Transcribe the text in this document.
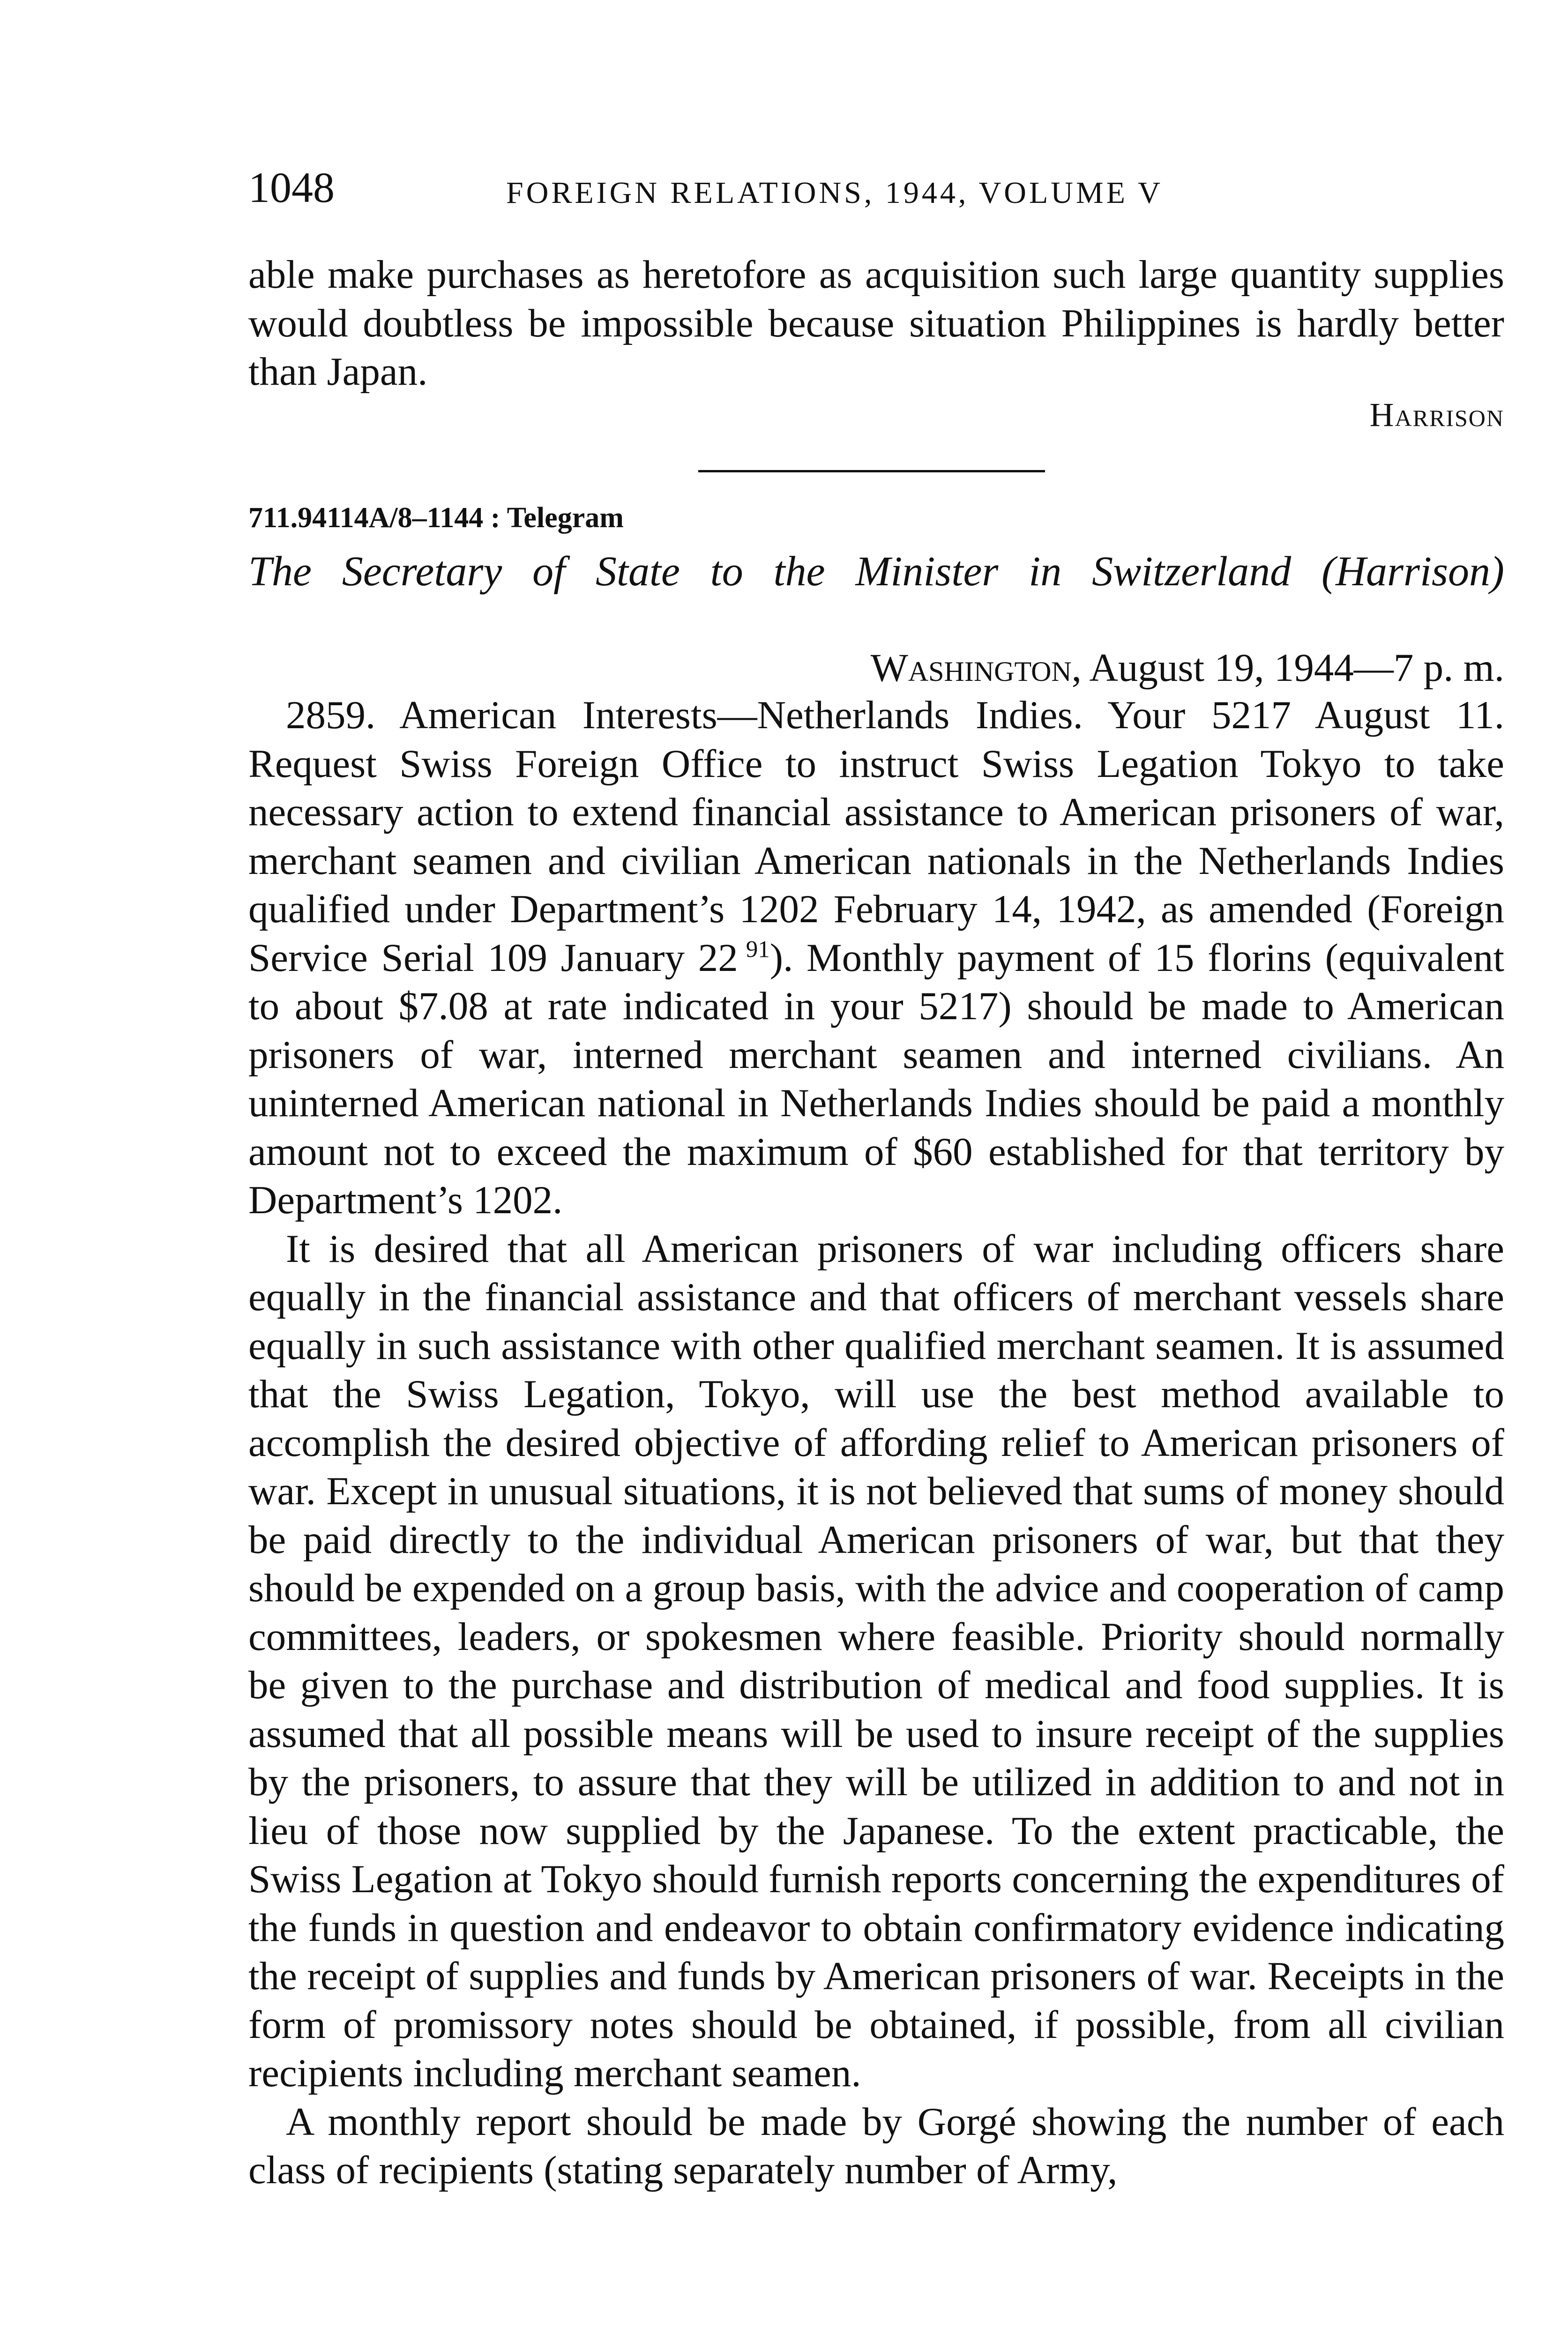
1048	FOREIGN RELATIONS, 1944, VOLUME V

able make purchases as heretofore as acquisition such large quantity supplies would doubtless be impossible because situation Philippines is hardly better than Japan.

Harrison
711.94114A/8–1144 : Telegram
The Secretary of State to the Minister in Switzerland (Harrison)
Washington, August 19, 1944—7 p. m.

2859. American Interests—Netherlands Indies. Your 5217 August 11. Request Swiss Foreign Office to instruct Swiss Legation Tokyo to take necessary action to extend financial assistance to American prisoners of war, merchant seamen and civilian American nationals in the Netherlands Indies qualified under Department’s 1202 February 14, 1942, as amended (Foreign Service Serial 109 January 22  $^{91}$). Monthly payment of 15 florins (equivalent to about $7.08 at rate indicated in your 5217) should be made to American prisoners of war, interned merchant seamen and interned civilians. An uninterned American national in Netherlands Indies should be paid a monthly amount not to exceed the maximum of $60 established for that territory by Department’s 1202.

It is desired that all American prisoners of war including officers share equally in the financial assistance and that officers of merchant vessels share equally in such assistance with other qualified merchant seamen. It is assumed that the Swiss Legation, Tokyo, will use the best method available to accomplish the desired objective of affording relief to American prisoners of war. Except in unusual situations, it is not believed that sums of money should be paid directly to the individual American prisoners of war, but that they should be expended on a group basis, with the advice and cooperation of camp committees, leaders, or spokesmen where feasible. Priority should normally be given to the purchase and distribution of medical and food supplies. It is assumed that all possible means will be used to insure receipt of the supplies by the prisoners, to assure that they will be utilized in addition to and not in lieu of those now supplied by the Japanese. To the extent practicable, the Swiss Legation at Tokyo should furnish reports concerning the expenditures of the funds in question and endeavor to obtain confirmatory evidence indicating the receipt of supplies and funds by American prisoners of war. Receipts in the form of promissory notes should be obtained, if possible, from all civilian recipients including merchant seamen.

A monthly report should be made by Gorgé showing the number of each class of recipients (stating separately number of Army,
